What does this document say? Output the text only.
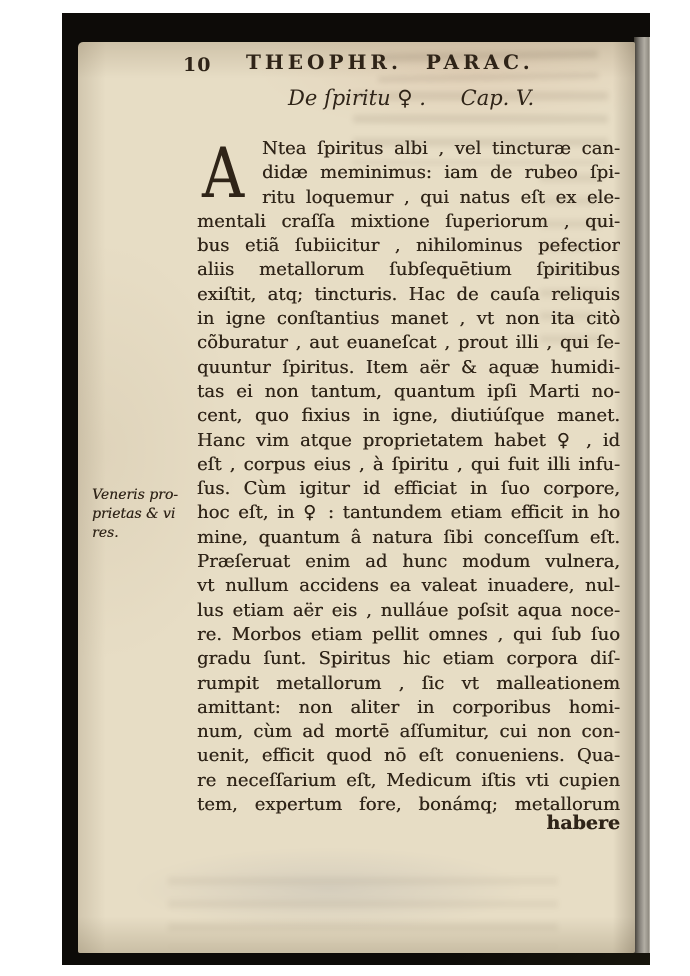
10 THEOPHR. PARAC.
De ſpiritu ♀ . Cap. V.
A Ntea ſpiritus albi , vel tincturæ can-
didæ meminimus: iam de rubeo ſpi-
ritu loquemur , qui natus eſt ex ele-
mentali craſſa mixtione ſuperiorum , qui-
bus etiã ſubiicitur , nihilominus pefectior
aliis metallorum ſubſequētium ſpiritibus
exiſtit, atq; tincturis. Hac de cauſa reliquis
in igne conſtantius manet , vt non ita citò
cõburatur , aut euaneſcat , prout illi , qui ſe-
quuntur ſpiritus. Item aër & aquæ humidi-
tas ei non tantum, quantum ipſi Marti no-
cent, quo fixius in igne, diutiúſque manet.
Hanc vim atque proprietatem habet ♀ , id
eſt , corpus eius , à ſpiritu , qui fuit illi infu-
ſus. Cùm igitur id efficiat in ſuo corpore,
hoc eſt, in ♀ : tantundem etiam efficit in ho
mine, quantum â natura ſibi conceſſum eſt.
Præſeruat enim ad hunc modum vulnera,
vt nullum accidens ea valeat inuadere, nul-
lus etiam aër eis , nulláue poſsit aqua noce-
re. Morbos etiam pellit omnes , qui ſub ſuo
gradu ſunt. Spiritus hic etiam corpora diſ-
rumpit metallorum , ſic vt malleationem
amittant: non aliter in corporibus homi-
num, cùm ad mortē aſſumitur, cui non con-
uenit, efficit quod nō eſt conueniens. Qua-
re neceſſarium eſt, Medicum iſtis vti cupien
tem, expertum fore, bonámq; metallorum
Veneris pro-
prietas & vi
res.
habere
